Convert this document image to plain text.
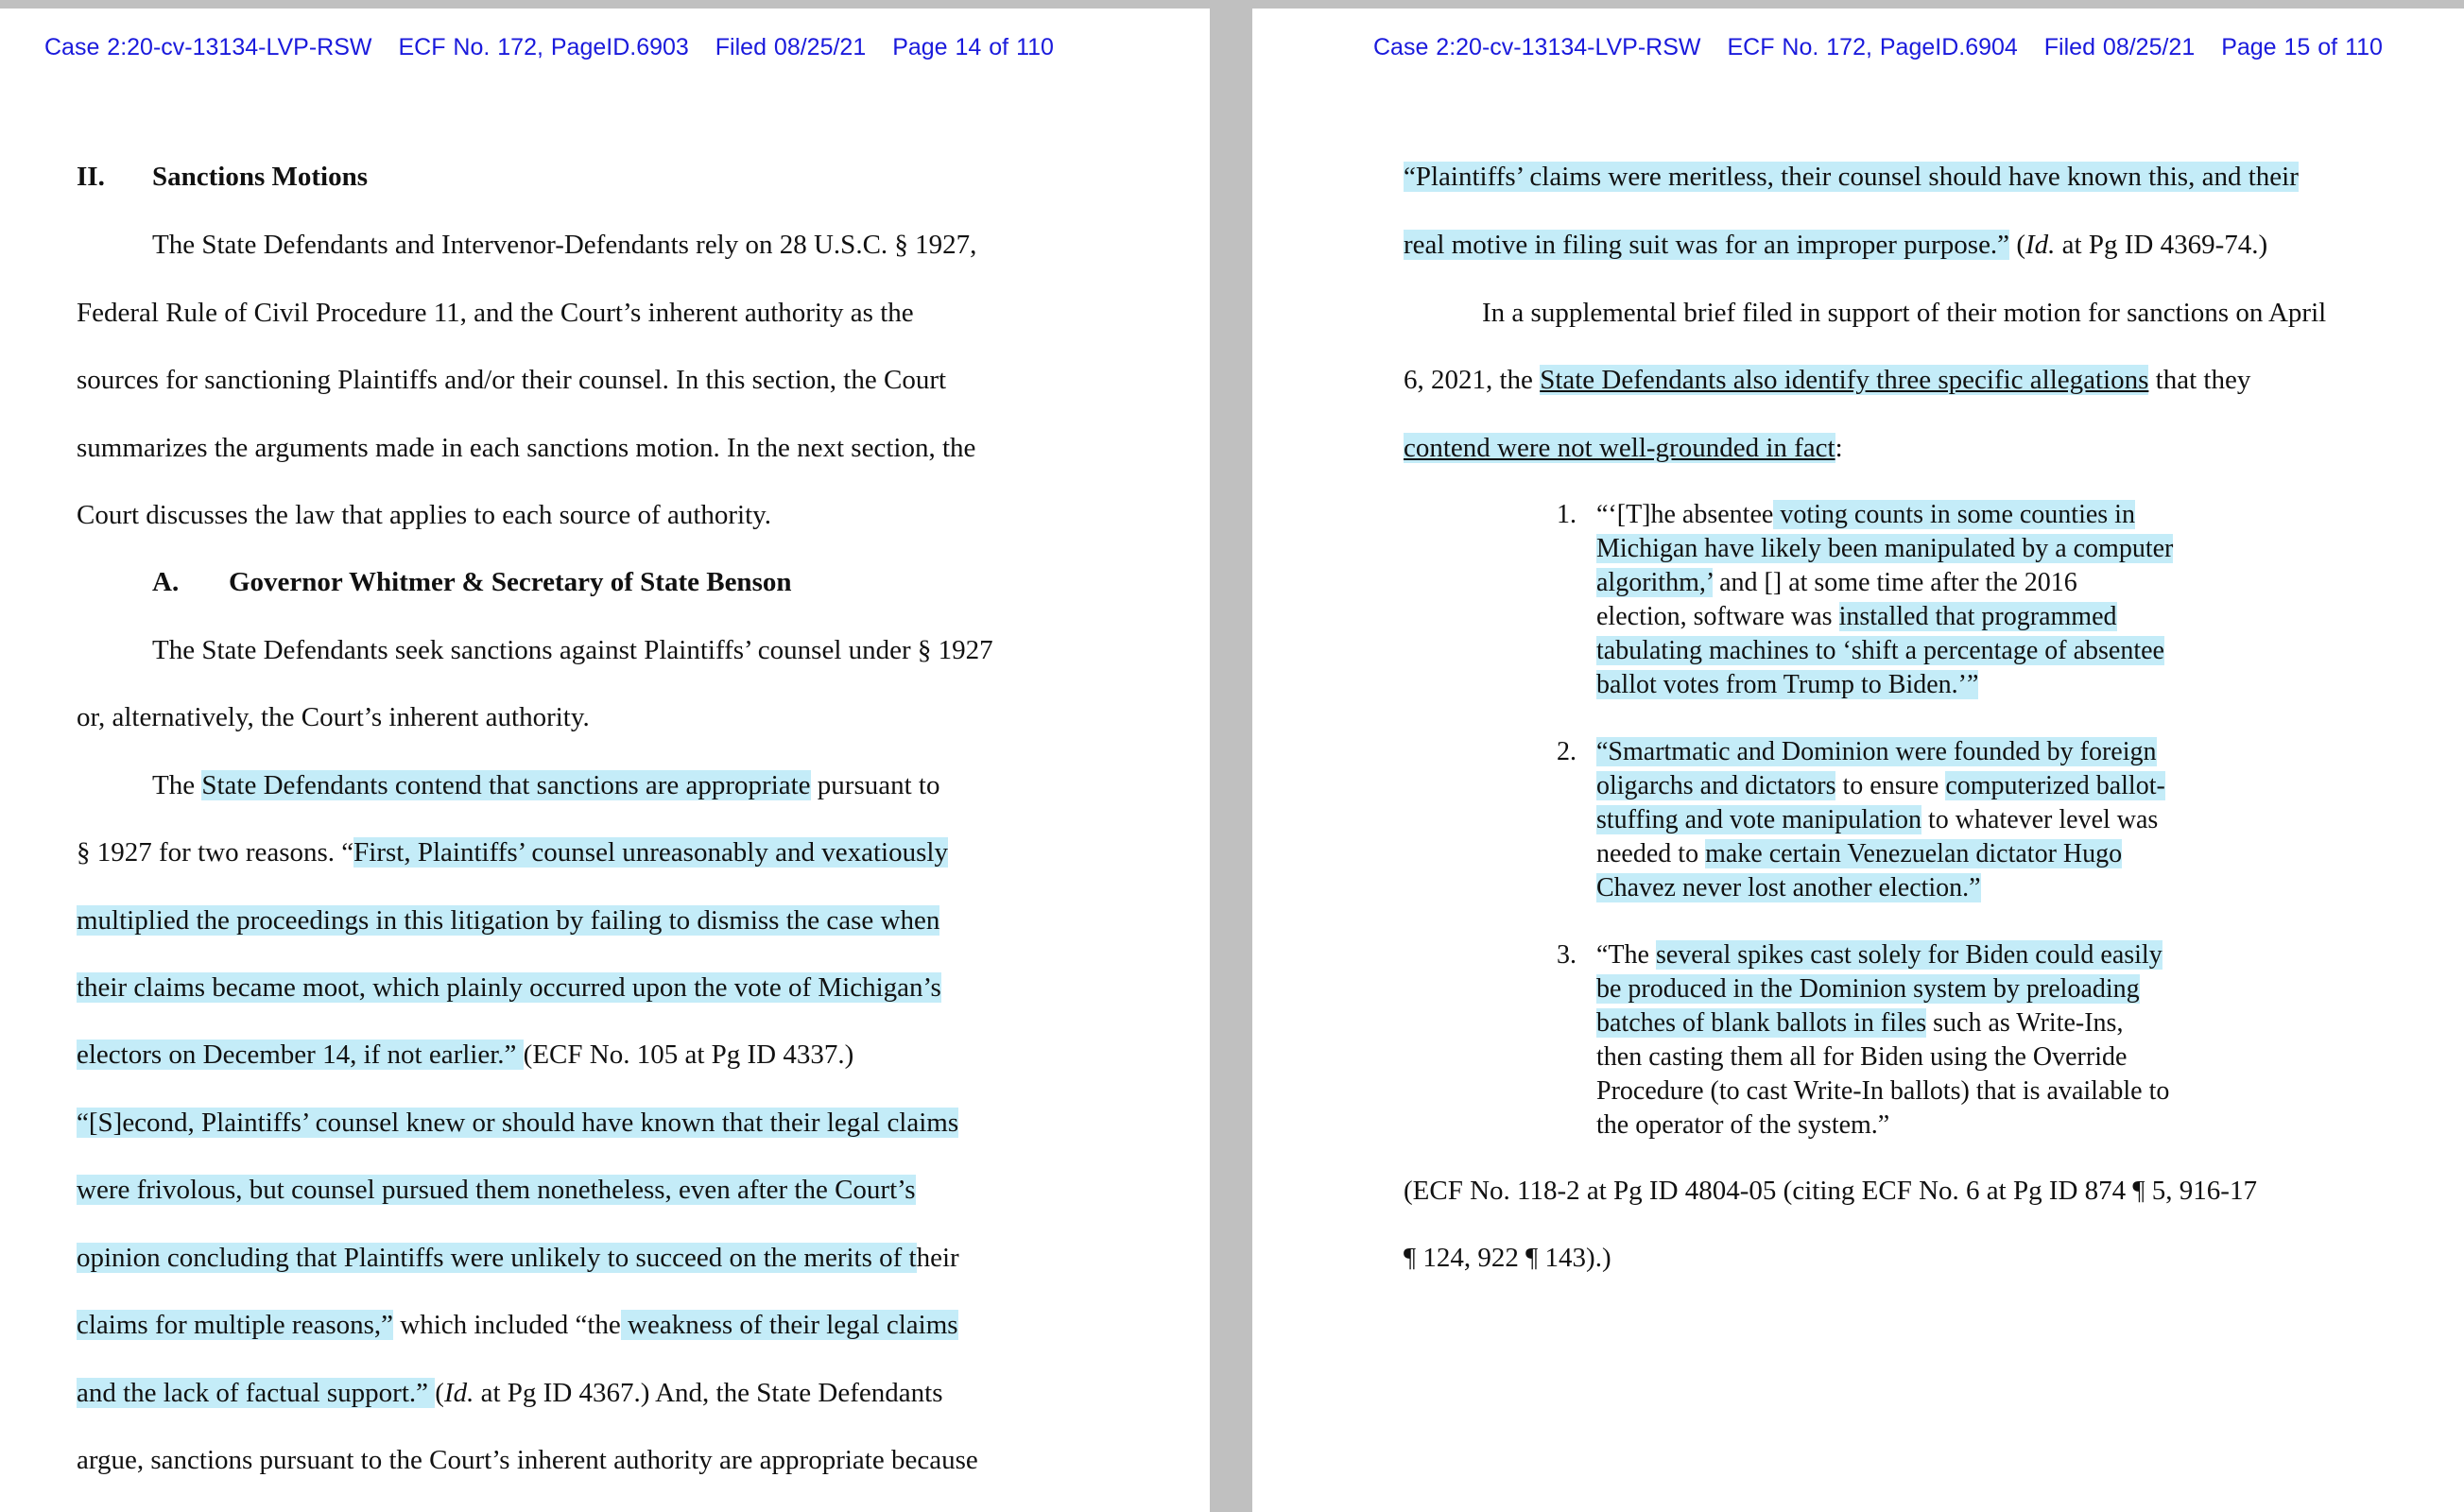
Case 2:20-cv-13134-LVP-RSW ECF No. 172, PageID.6903 Filed 08/25/21 Page 14 of 110
II. Sanctions Motions
The State Defendants and Intervenor-Defendants rely on 28 U.S.C. § 1927,
Federal Rule of Civil Procedure 11, and the Court’s inherent authority as the
sources for sanctioning Plaintiffs and/or their counsel. In this section, the Court
summarizes the arguments made in each sanctions motion. In the next section, the
Court discusses the law that applies to each source of authority.
A. Governor Whitmer & Secretary of State Benson
The State Defendants seek sanctions against Plaintiffs’ counsel under § 1927
or, alternatively, the Court’s inherent authority.
The State Defendants contend that sanctions are appropriate pursuant to
§ 1927 for two reasons. “First, Plaintiffs’ counsel unreasonably and vexatiously
multiplied the proceedings in this litigation by failing to dismiss the case when
their claims became moot, which plainly occurred upon the vote of Michigan’s
electors on December 14, if not earlier.” (ECF No. 105 at Pg ID 4337.)
“[S]econd, Plaintiffs’ counsel knew or should have known that their legal claims
were frivolous, but counsel pursued them nonetheless, even after the Court’s
opinion concluding that Plaintiffs were unlikely to succeed on the merits of their
claims for multiple reasons,” which included “the weakness of their legal claims
and the lack of factual support.” (Id. at Pg ID 4367.) And, the State Defendants
argue, sanctions pursuant to the Court’s inherent authority are appropriate because
Case 2:20-cv-13134-LVP-RSW ECF No. 172, PageID.6904 Filed 08/25/21 Page 15 of 110
“Plaintiffs’ claims were meritless, their counsel should have known this, and their
real motive in filing suit was for an improper purpose.” (Id. at Pg ID 4369-74.)
In a supplemental brief filed in support of their motion for sanctions on April
6, 2021, the State Defendants also identify three specific allegations that they
contend were not well-grounded in fact:
1. “‘[T]he absentee voting counts in some counties in
Michigan have likely been manipulated by a computer
algorithm,’ and [] at some time after the 2016
election, software was installed that programmed
tabulating machines to ‘shift a percentage of absentee
ballot votes from Trump to Biden.’”
2. “Smartmatic and Dominion were founded by foreign
oligarchs and dictators to ensure computerized ballot-
stuffing and vote manipulation to whatever level was
needed to make certain Venezuelan dictator Hugo
Chavez never lost another election.”
3. “The several spikes cast solely for Biden could easily
be produced in the Dominion system by preloading
batches of blank ballots in files such as Write-Ins,
then casting them all for Biden using the Override
Procedure (to cast Write-In ballots) that is available to
the operator of the system.”
(ECF No. 118-2 at Pg ID 4804-05 (citing ECF No. 6 at Pg ID 874 ¶ 5, 916-17
¶ 124, 922 ¶ 143).)
